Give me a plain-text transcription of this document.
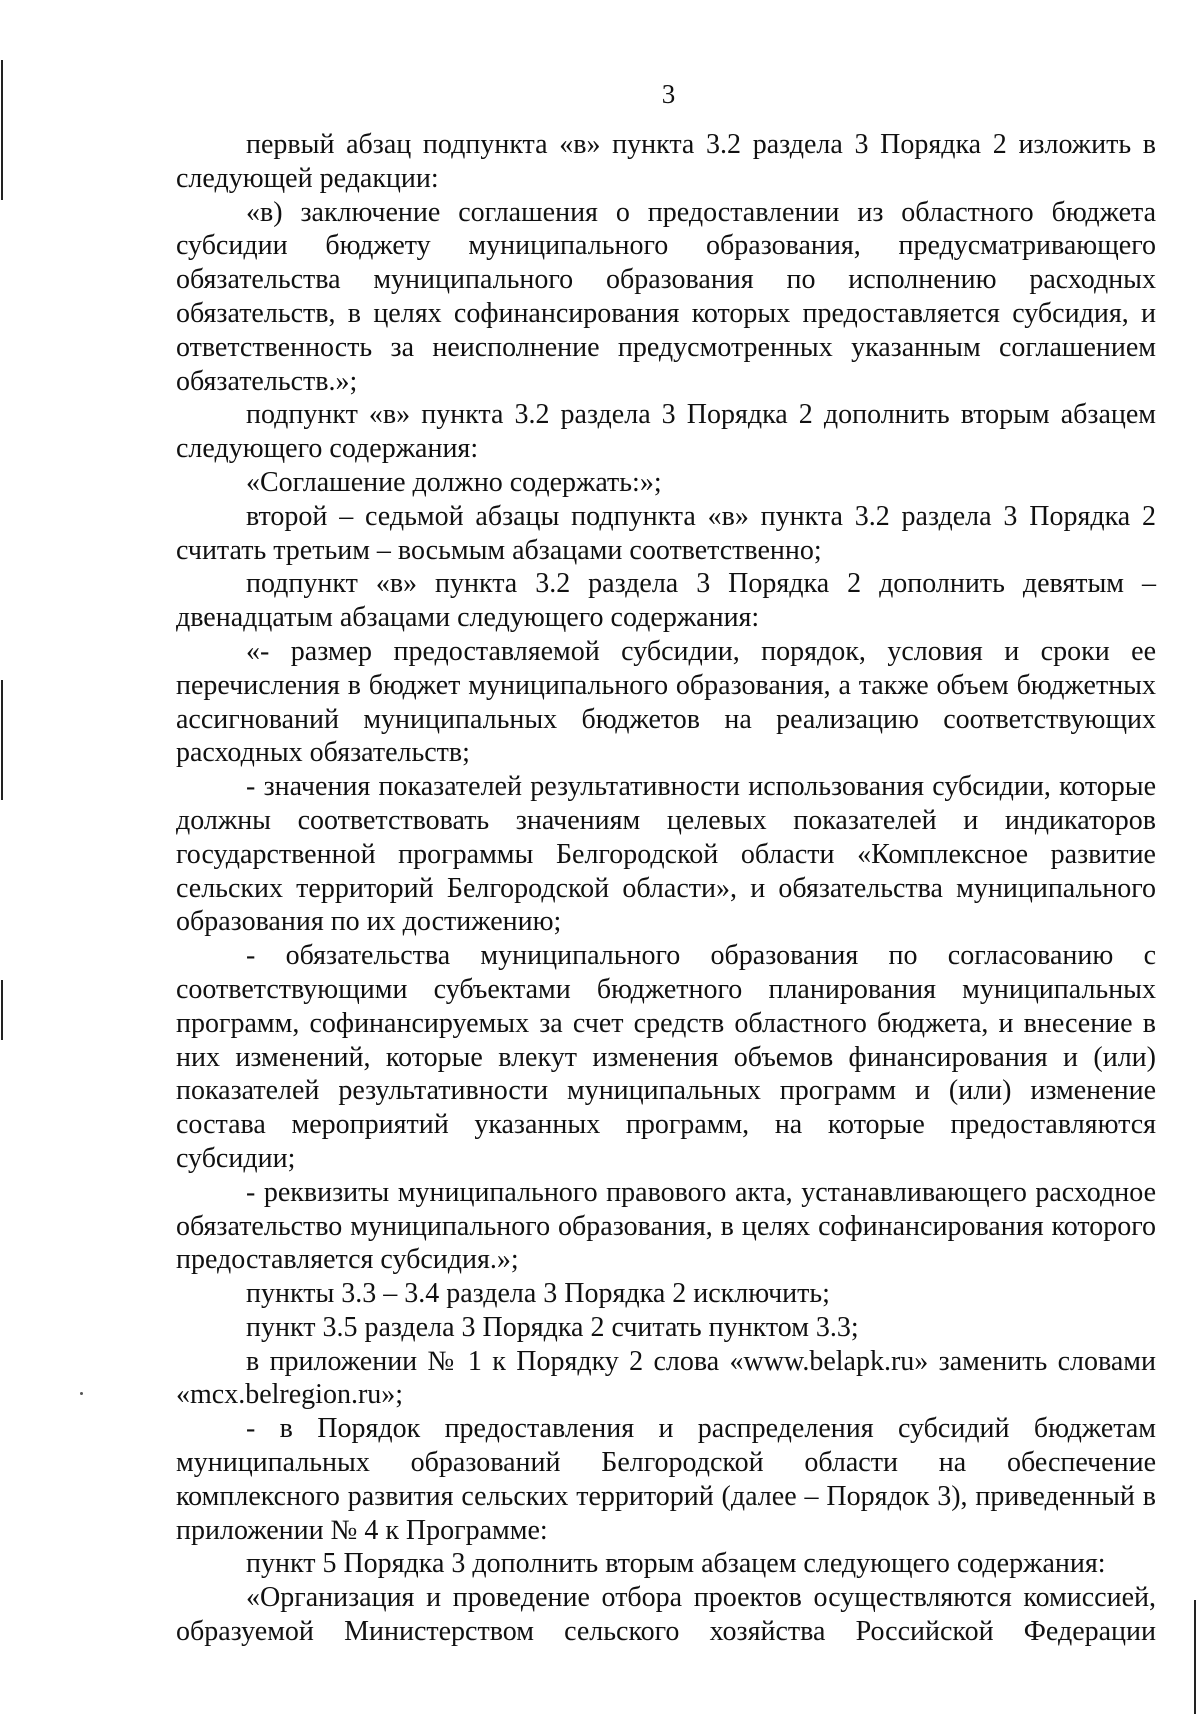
3

первый абзац подпункта «в» пункта 3.2 раздела 3 Порядка 2 изложить в следующей редакции:

«в) заключение соглашения о предоставлении из областного бюджета субсидии бюджету муниципального образования, предусматривающего обязательства муниципального образования по исполнению расходных обязательств, в целях софинансирования которых предоставляется субсидия, и ответственность за неисполнение предусмотренных указанным соглашением обязательств.»;

подпункт «в» пункта 3.2 раздела 3 Порядка 2 дополнить вторым абзацем следующего содержания:

«Соглашение должно содержать:»;

второй – седьмой абзацы подпункта «в» пункта 3.2 раздела 3 Порядка 2 считать третьим – восьмым абзацами соответственно;

подпункт «в» пункта 3.2 раздела 3 Порядка 2 дополнить девятым – двенадцатым абзацами следующего содержания:

«- размер предоставляемой субсидии, порядок, условия и сроки ее перечисления в бюджет муниципального образования, а также объем бюджетных ассигнований муниципальных бюджетов на реализацию соответствующих расходных обязательств;

- значения показателей результативности использования субсидии, которые должны соответствовать значениям целевых показателей и индикаторов государственной программы Белгородской области «Комплексное развитие сельских территорий Белгородской области», и обязательства муниципального образования по их достижению;

- обязательства муниципального образования по согласованию с соответствующими субъектами бюджетного планирования муниципальных программ, софинансируемых за счет средств областного бюджета, и внесение в них изменений, которые влекут изменения объемов финансирования и (или) показателей результативности муниципальных программ и (или) изменение состава мероприятий указанных программ, на которые предоставляются субсидии;

- реквизиты муниципального правового акта, устанавливающего расходное обязательство муниципального образования, в целях софинансирования которого предоставляется субсидия.»;

пункты 3.3 – 3.4 раздела 3 Порядка 2 исключить;

пункт 3.5 раздела 3 Порядка 2 считать пунктом 3.3;

в приложении № 1 к Порядку 2 слова «www.belapk.ru» заменить словами «mcx.belregion.ru»;

- в Порядок предоставления и распределения субсидий бюджетам муниципальных образований Белгородской области на обеспечение комплексного развития сельских территорий (далее – Порядок 3), приведенный в приложении № 4 к Программе:

пункт 5 Порядка 3 дополнить вторым абзацем следующего содержания:

«Организация и проведение отбора проектов осуществляются комиссией, образуемой Министерством сельского хозяйства Российской Федерации
